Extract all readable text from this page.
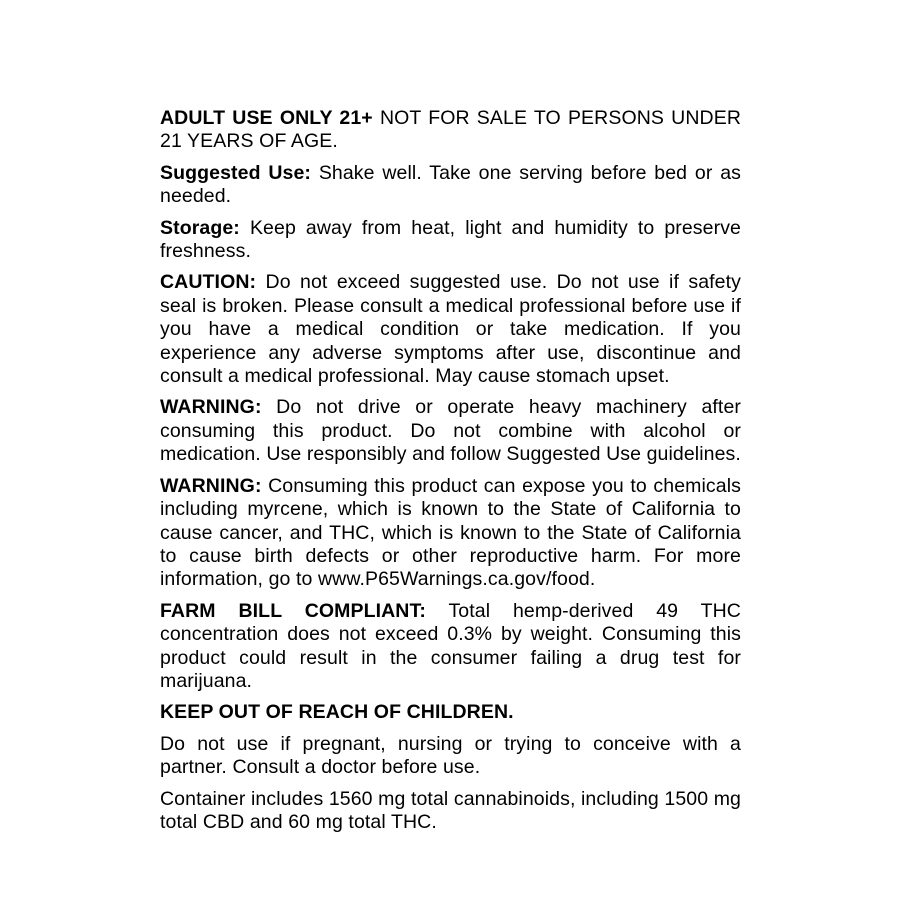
ADULT USE ONLY 21+ NOT FOR SALE TO PERSONS UNDER 21 YEARS OF AGE.

Suggested Use: Shake well. Take one serving before bed or as needed.

Storage: Keep away from heat, light and humidity to preserve freshness.

CAUTION: Do not exceed suggested use. Do not use if safety seal is broken. Please consult a medical professional before use if you have a medical condition or take medication. If you experience any adverse symptoms after use, discontinue and consult a medical professional. May cause stomach upset.

WARNING: Do not drive or operate heavy machinery after consuming this product. Do not combine with alcohol or medication. Use responsibly and follow Suggested Use guidelines.

WARNING: Consuming this product can expose you to chemicals including myrcene, which is known to the State of California to cause cancer, and THC, which is known to the State of California to cause birth defects or other reproductive harm. For more information, go to www.P65Warnings.ca.gov/food.

FARM BILL COMPLIANT: Total hemp-derived 49 THC concentration does not exceed 0.3% by weight. Consuming this product could result in the consumer failing a drug test for marijuana.

KEEP OUT OF REACH OF CHILDREN.

Do not use if pregnant, nursing or trying to conceive with a partner. Consult a doctor before use.

Container includes 1560 mg total cannabinoids, including 1500 mg total CBD and 60 mg total THC.
